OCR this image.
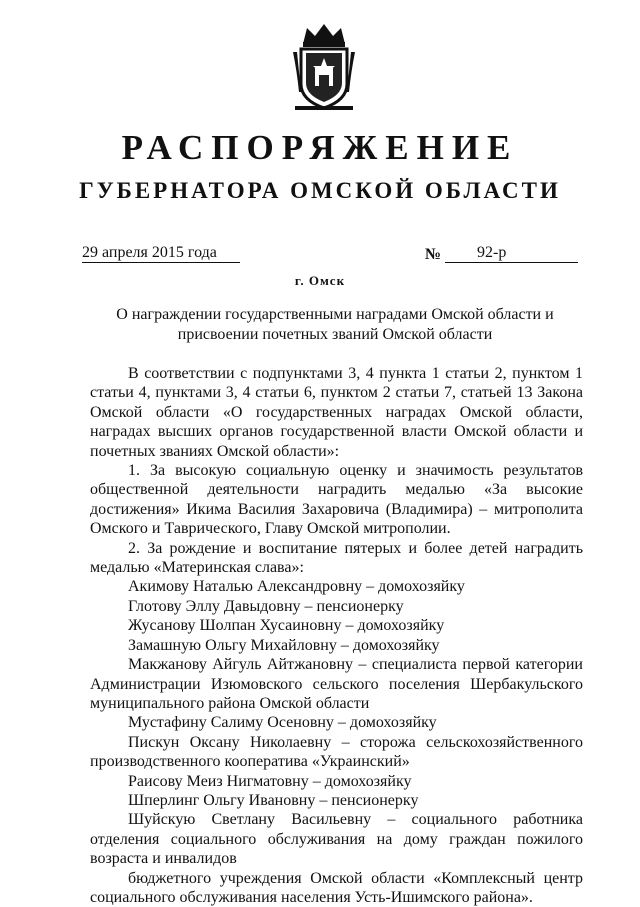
РАСПОРЯЖЕНИЕ
ГУБЕРНАТОРА ОМСКОЙ ОБЛАСТИ
29 апреля 2015 года	№	92-р
г. Омск
О награждении государственными наградами Омской области и
присвоении почетных званий Омской области

В соответствии с подпунктами 3, 4 пункта 1 статьи 2, пунктом 1 статьи 4, пунктами 3, 4 статьи 6, пунктом 2 статьи 7, статьей 13 Закона Омской области «О государственных наградах Омской области, наградах высших органов государственной власти Омской области и почетных званиях Омской области»:

1. За высокую социальную оценку и значимость результатов общественной деятельности наградить медалью «За высокие достижения» Икима Василия Захаровича (Владимира) – митрополита Омского и Таврического, Главу Омской митрополии.

2. За рождение и воспитание пятерых и более детей наградить медалью «Материнская слава»:

Акимову Наталью Александровну – домохозяйку

Глотову Эллу Давыдовну – пенсионерку

Жусанову Шолпан Хусаиновну – домохозяйку

Замашную Ольгу Михайловну – домохозяйку

Макжанову Айгуль Айтжановну – специалиста первой категории Администрации Изюмовского сельского поселения Шербакульского муниципального района Омской области

Мустафину Салиму Осеновну – домохозяйку

Пискун Оксану Николаевну – сторожа сельскохозяйственного производственного кооператива «Украинский»

Раисову Меиз Нигматовну – домохозяйку

Шперлинг Ольгу Ивановну – пенсионерку

Шуйскую Светлану Васильевну – социального работника отделения социального обслуживания на дому граждан пожилого возраста и инвалидов

бюджетного учреждения Омской области «Комплексный центр социального обслуживания населения Усть-Ишимского района».
